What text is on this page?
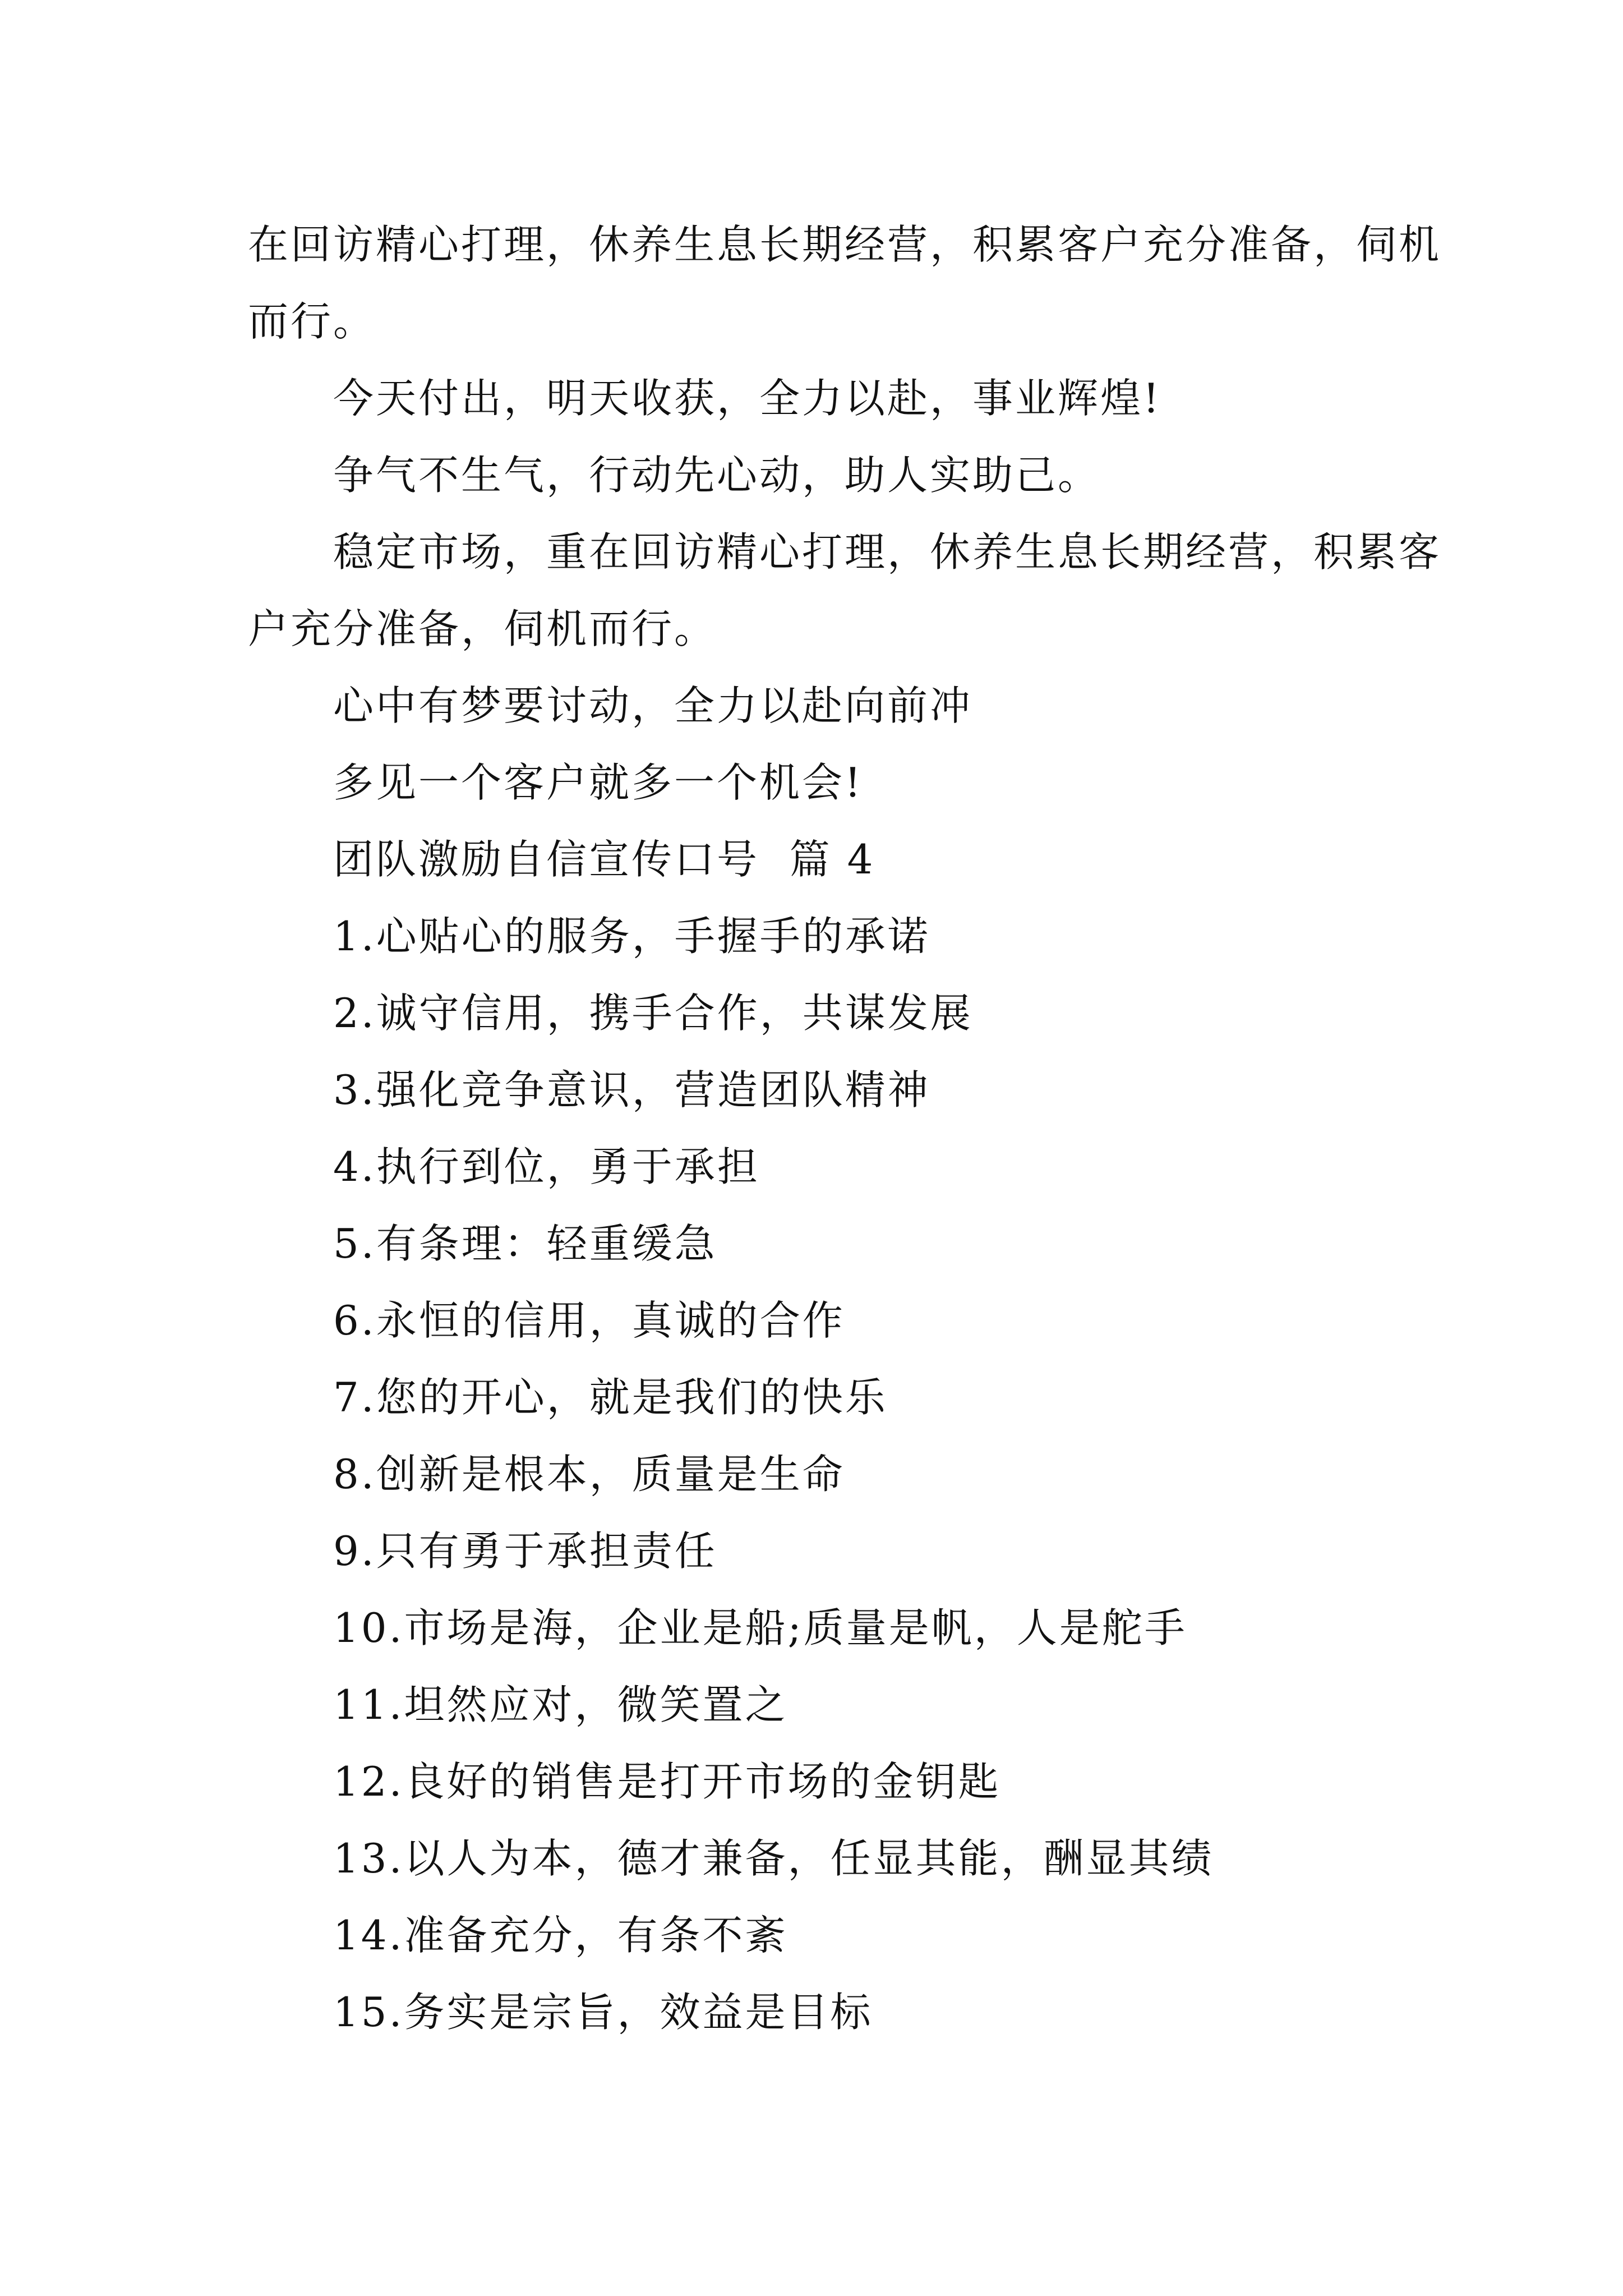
在回访精心打理，休养生息长期经营，积累客户充分准备，伺机而行。

今天付出，明天收获，全力以赴，事业辉煌!

争气不生气，行动先心动，助人实助己。

稳定市场，重在回访精心打理，休养生息长期经营，积累客户充分准备，伺机而行。

心中有梦要讨动，全力以赴向前冲

多见一个客户就多一个机会!

团队激励自信宣传口号  篇 4

1.心贴心的服务，手握手的承诺

2.诚守信用，携手合作，共谋发展

3.强化竞争意识，营造团队精神

4.执行到位，勇于承担

5.有条理：轻重缓急

6.永恒的信用，真诚的合作

7.您的开心，就是我们的快乐

8.创新是根本，质量是生命

9.只有勇于承担责任

10.市场是海，企业是船;质量是帆，人是舵手

11.坦然应对，微笑置之

12.良好的销售是打开市场的金钥匙

13.以人为本，德才兼备，任显其能，酬显其绩

14.准备充分，有条不紊

15.务实是宗旨，效益是目标
